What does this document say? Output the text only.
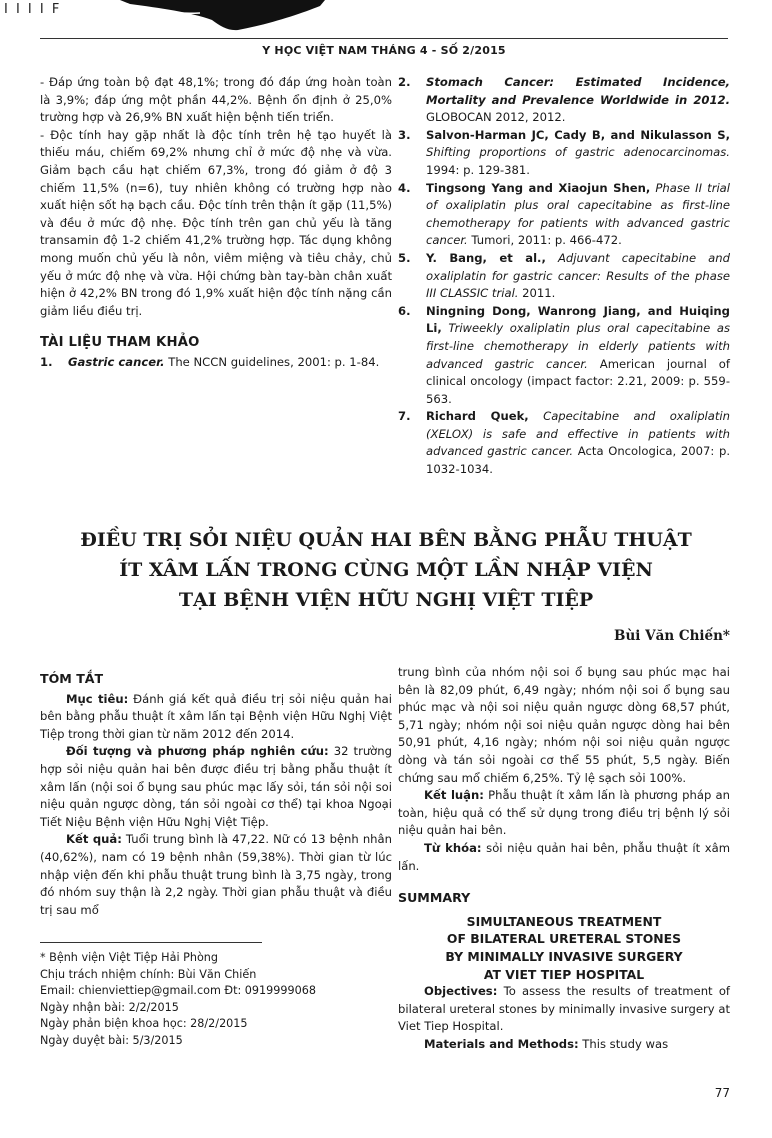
I I I I F
Y HỌC VIỆT NAM THÁNG 4 - SỐ 2/2015

- Đáp ứng toàn bộ đạt 48,1%; trong đó đáp ứng hoàn toàn là 3,9%; đáp ứng một phần 44,2%. Bệnh ổn định ở 25,0% trường hợp và 26,9% BN xuất hiện bệnh tiến triển.

- Độc tính hay gặp nhất là độc tính trên hệ tạo huyết là thiếu máu, chiếm 69,2% nhưng chỉ ở mức độ nhẹ và vừa. Giảm bạch cầu hạt chiếm 67,3%, trong đó giảm ở độ 3 chiếm 11,5% (n=6), tuy nhiên không có trường hợp nào xuất hiện sốt hạ bạch cầu. Độc tính trên thận ít gặp (11,5%) và đều ở mức độ nhẹ. Độc tính trên gan chủ yếu là tăng transamin độ 1-2 chiếm 41,2% trường hợp. Tác dụng không mong muốn chủ yếu là nôn, viêm miệng và tiêu chảy, chủ yếu ở mức độ nhẹ và vừa. Hội chứng bàn tay-bàn chân xuất hiện ở 42,2% BN trong đó 1,9% xuất hiện độc tính nặng cần giảm liều điều trị.

TÀI LIỆU THAM KHẢO

1. Gastric cancer. The NCCN guidelines, 2001: p. 1-84.

2. Stomach Cancer: Estimated Incidence, Mortality and Prevalence Worldwide in 2012. GLOBOCAN 2012, 2012.

3. Salvon-Harman JC, Cady B, and Nikulasson S, Shifting proportions of gastric adenocarcinomas. 1994: p. 129-381.

4. Tingsong Yang and Xiaojun Shen, Phase II trial of oxaliplatin plus oral capecitabine as first-line chemotherapy for patients with advanced gastric cancer. Tumori, 2011: p. 466-472.

5. Y. Bang, et al., Adjuvant capecitabine and oxaliplatin for gastric cancer: Results of the phase III CLASSIC trial. 2011.

6. Ningning Dong, Wanrong Jiang, and Huiqing Li, Triweekly oxaliplatin plus oral capecitabine as first-line chemotherapy in elderly patients with advanced gastric cancer. American journal of clinical oncology (impact factor: 2.21, 2009: p. 559-563.

7. Richard Quek, Capecitabine and oxaliplatin (XELOX) is safe and effective in patients with advanced gastric cancer. Acta Oncologica, 2007: p. 1032-1034.

ĐIỀU TRỊ SỎI NIỆU QUẢN HAI BÊN BẰNG PHẪU THUẬT
ÍT XÂM LẤN TRONG CÙNG MỘT LẦN NHẬP VIỆN
TẠI BỆNH VIỆN HỮU NGHỊ VIỆT TIỆP
Bùi Văn Chiến*
TÓM TẮT

Mục tiêu: Đánh giá kết quả điều trị sỏi niệu quản hai bên bằng phẫu thuật ít xâm lấn tại Bệnh viện Hữu Nghị Việt Tiệp trong thời gian từ năm 2012 đến 2014.

Đối tượng và phương pháp nghiên cứu: 32 trường hợp sỏi niệu quản hai bên được điều trị bằng phẫu thuật ít xâm lấn (nội soi ổ bụng sau phúc mạc lấy sỏi, tán sỏi nội soi niệu quản ngược dòng, tán sỏi ngoài cơ thể) tại khoa Ngoại Tiết Niệu Bệnh viện Hữu Nghị Việt Tiệp.

Kết quả: Tuổi trung bình là 47,22. Nữ có 13 bệnh nhân (40,62%), nam có 19 bệnh nhân (59,38%). Thời gian từ lúc nhập viện đến khi phẫu thuật trung bình là 3,75 ngày, trong đó nhóm suy thận là 2,2 ngày. Thời gian phẫu thuật và điều trị sau mổ

* Bệnh viện Việt Tiệp Hải Phòng
Chịu trách nhiệm chính: Bùi Văn Chiến
Email: chienviettiep@gmail.com Đt: 0919999068
Ngày nhận bài: 2/2/2015
Ngày phản biện khoa học: 28/2/2015
Ngày duyệt bài: 5/3/2015

trung bình của nhóm nội soi ổ bụng sau phúc mạc hai bên là 82,09 phút, 6,49 ngày; nhóm nội soi ổ bụng sau phúc mạc và nội soi niệu quản ngược dòng 68,57 phút, 5,71 ngày; nhóm nội soi niệu quản ngược dòng hai bên 50,91 phút, 4,16 ngày; nhóm nội soi niệu quản ngược dòng và tán sỏi ngoài cơ thể 55 phút, 5,5 ngày. Biến chứng sau mổ chiếm 6,25%. Tỷ lệ sạch sỏi 100%.

Kết luận: Phẫu thuật ít xâm lấn là phương pháp an toàn, hiệu quả có thể sử dụng trong điều trị bệnh lý sỏi niệu quản hai bên.

Từ khóa: sỏi niệu quản hai bên, phẫu thuật ít xâm lấn.

SUMMARY
SIMULTANEOUS TREATMENT
OF BILATERAL URETERAL STONES
BY MINIMALLY INVASIVE SURGERY
AT VIET TIEP HOSPITAL

Objectives: To assess the results of treatment of bilateral ureteral stones by minimally invasive surgery at Viet Tiep Hospital.

Materials and Methods: This study was

77
